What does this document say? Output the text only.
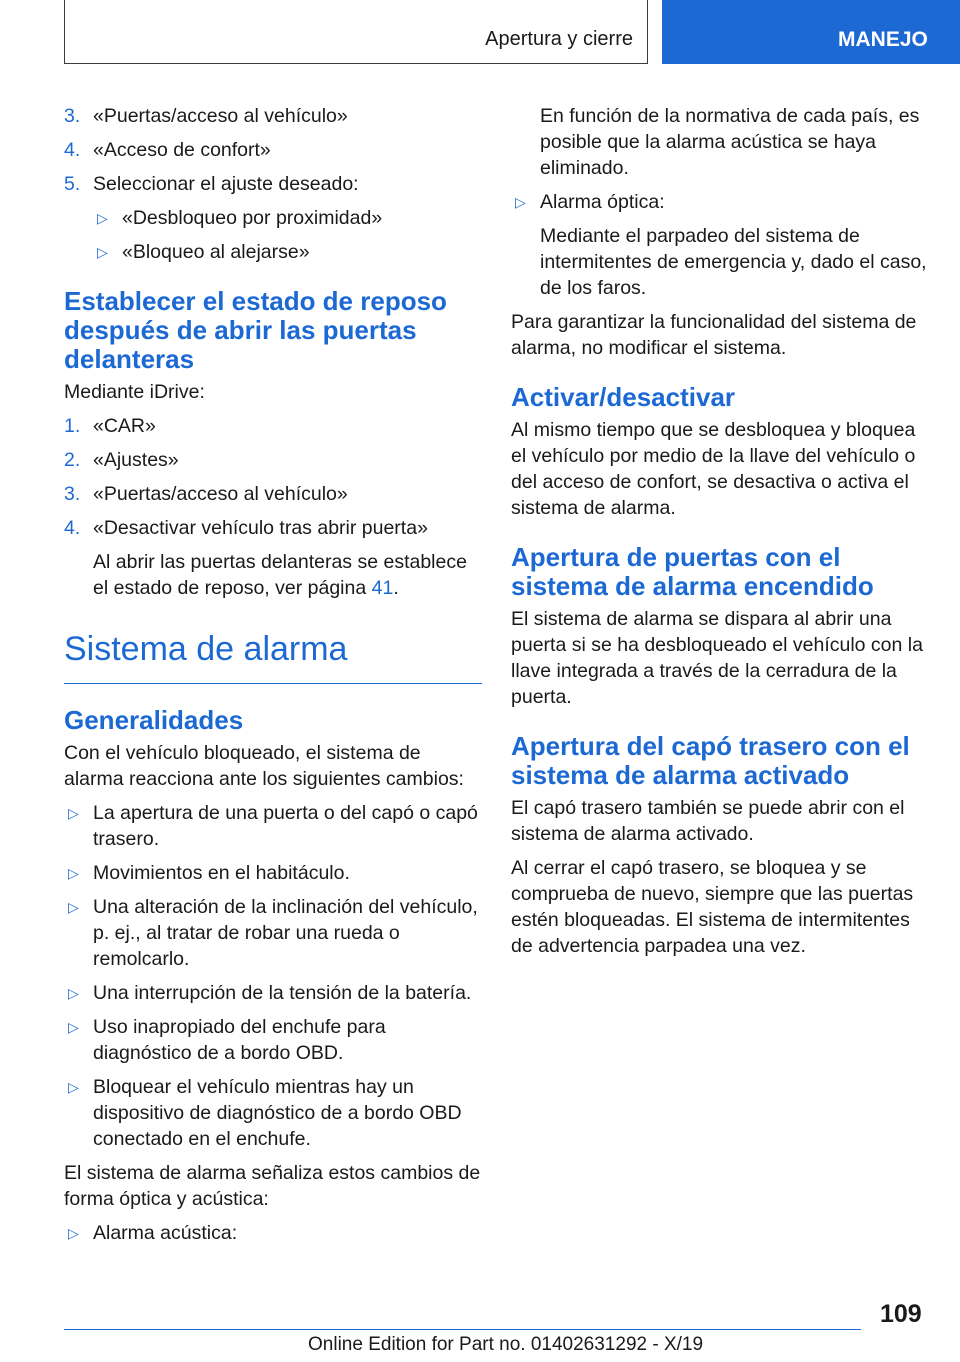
Apertura y cierre	MANEJO
3. «Puertas/acceso al vehículo»
4. «Acceso de confort»
5. Seleccionar el ajuste deseado:
▷ «Desbloqueo por proximidad»
▷ «Bloqueo al alejarse»
Establecer el estado de reposo después de abrir las puertas delanteras

Mediante iDrive:

1. «CAR»
2. «Ajustes»
3. «Puertas/acceso al vehículo»
4. «Desactivar vehículo tras abrir puerta»
Al abrir las puertas delanteras se establece el estado de reposo, ver página 41.
Sistema de alarma
Generalidades

Con el vehículo bloqueado, el sistema de alarma reacciona ante los siguientes cambios:

▷ La apertura de una puerta o del capó o capó trasero.
▷ Movimientos en el habitáculo.
▷ Una alteración de la inclinación del vehículo, p. ej., al tratar de robar una rueda o remolcarlo.
▷ Una interrupción de la tensión de la batería.
▷ Uso inapropiado del enchufe para diagnóstico de a bordo OBD.
▷ Bloquear el vehículo mientras hay un dispositivo de diagnóstico de a bordo OBD conectado en el enchufe.

El sistema de alarma señaliza estos cambios de forma óptica y acústica:

▷ Alarma acústica:

En función de la normativa de cada país, es posible que la alarma acústica se haya eliminado.

▷ Alarma óptica:

Mediante el parpadeo del sistema de intermitentes de emergencia y, dado el caso, de los faros.

Para garantizar la funcionalidad del sistema de alarma, no modificar el sistema.

Activar/desactivar

Al mismo tiempo que se desbloquea y bloquea el vehículo por medio de la llave del vehículo o del acceso de confort, se desactiva o activa el sistema de alarma.

Apertura de puertas con el sistema de alarma encendido

El sistema de alarma se dispara al abrir una puerta si se ha desbloqueado el vehículo con la llave integrada a través de la cerradura de la puerta.

Apertura del capó trasero con el sistema de alarma activado

El capó trasero también se puede abrir con el sistema de alarma activado.

Al cerrar el capó trasero, se bloquea y se comprueba de nuevo, siempre que las puertas estén bloqueadas. El sistema de intermitentes de advertencia parpadea una vez.

109
Online Edition for Part no. 01402631292 - X/19
